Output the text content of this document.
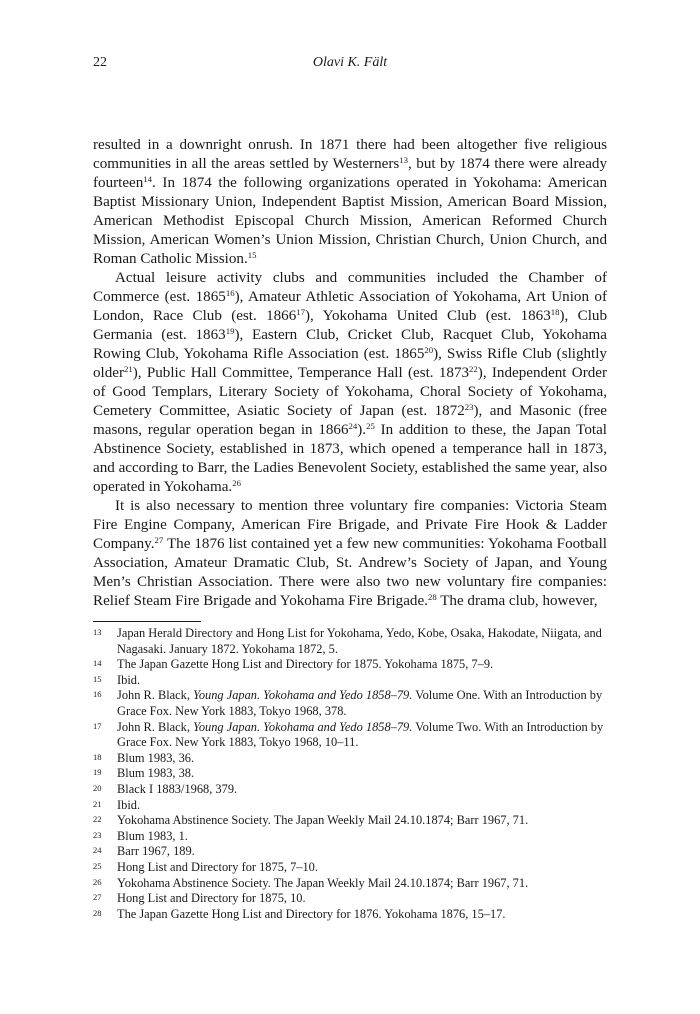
22	Olavi K. Fält

resulted in a downright onrush. In 1871 there had been altogether five religious communities in all the areas settled by Westerners$^{13}$, but by 1874 there were already fourteen$^{14}$. In 1874 the following organizations operated in Yokohama: American Baptist Missionary Union, Independent Baptist Mission, American Board Mission, American Methodist Episcopal Church Mission, American Reformed Church Mission, American Women’s Union Mission, Christian Church, Union Church, and Roman Catholic Mission.$^{15}$

Actual leisure activity clubs and communities included the Chamber of Commerce (est. 1865$^{16}$), Amateur Athletic Association of Yokohama, Art Union of London, Race Club (est. 1866$^{17}$), Yokohama United Club (est. 1863$^{18}$), Club Germania (est. 1863$^{19}$), Eastern Club, Cricket Club, Racquet Club, Yokohama Rowing Club, Yokohama Rifle Association (est. 1865$^{20}$), Swiss Rifle Club (slightly older$^{21}$), Public Hall Committee, Temperance Hall (est. 1873$^{22}$), Independent Order of Good Templars, Literary Society of Yokohama, Choral Society of Yokohama, Cemetery Committee, Asiatic Society of Japan (est. 1872$^{23}$), and Masonic (free masons, regular operation began in 1866$^{24}$).$^{25}$ In addition to these, the Japan Total Abstinence Society, established in 1873, which opened a temperance hall in 1873, and according to Barr, the Ladies Benevolent Society, established the same year, also operated in Yokohama.$^{26}$

It is also necessary to mention three voluntary fire companies: Victoria Steam Fire Engine Company, American Fire Brigade, and Private Fire Hook & Ladder Company.$^{27}$ The 1876 list contained yet a few new communities: Yokohama Football Association, Amateur Dramatic Club, St. Andrew’s Society of Japan, and Young Men’s Christian Association. There were also two new voluntary fire companies: Relief Steam Fire Brigade and Yokohama Fire Brigade.$^{28}$ The drama club, however,

13	Japan Herald Directory and Hong List for Yokohama, Yedo, Kobe, Osaka, Hakodate, Niigata, and Nagasaki. January 1872. Yokohama 1872, 5.
14	The Japan Gazette Hong List and Directory for 1875. Yokohama 1875, 7–9.
15	Ibid.
16	John R. Black, Young Japan. Yokohama and Yedo 1858–79. Volume One. With an Introduction by Grace Fox. New York 1883, Tokyo 1968, 378.
17	John R. Black, Young Japan. Yokohama and Yedo 1858–79. Volume Two. With an Introduction by Grace Fox. New York 1883, Tokyo 1968, 10–11.
18	Blum 1983, 36.
19	Blum 1983, 38.
20	Black I 1883/1968, 379.
21	Ibid.
22	Yokohama Abstinence Society. The Japan Weekly Mail 24.10.1874; Barr 1967, 71.
23	Blum 1983, 1.
24	Barr 1967, 189.
25	Hong List and Directory for 1875, 7–10.
26	Yokohama Abstinence Society. The Japan Weekly Mail 24.10.1874; Barr 1967, 71.
27	Hong List and Directory for 1875, 10.
28	The Japan Gazette Hong List and Directory for 1876. Yokohama 1876, 15–17.
